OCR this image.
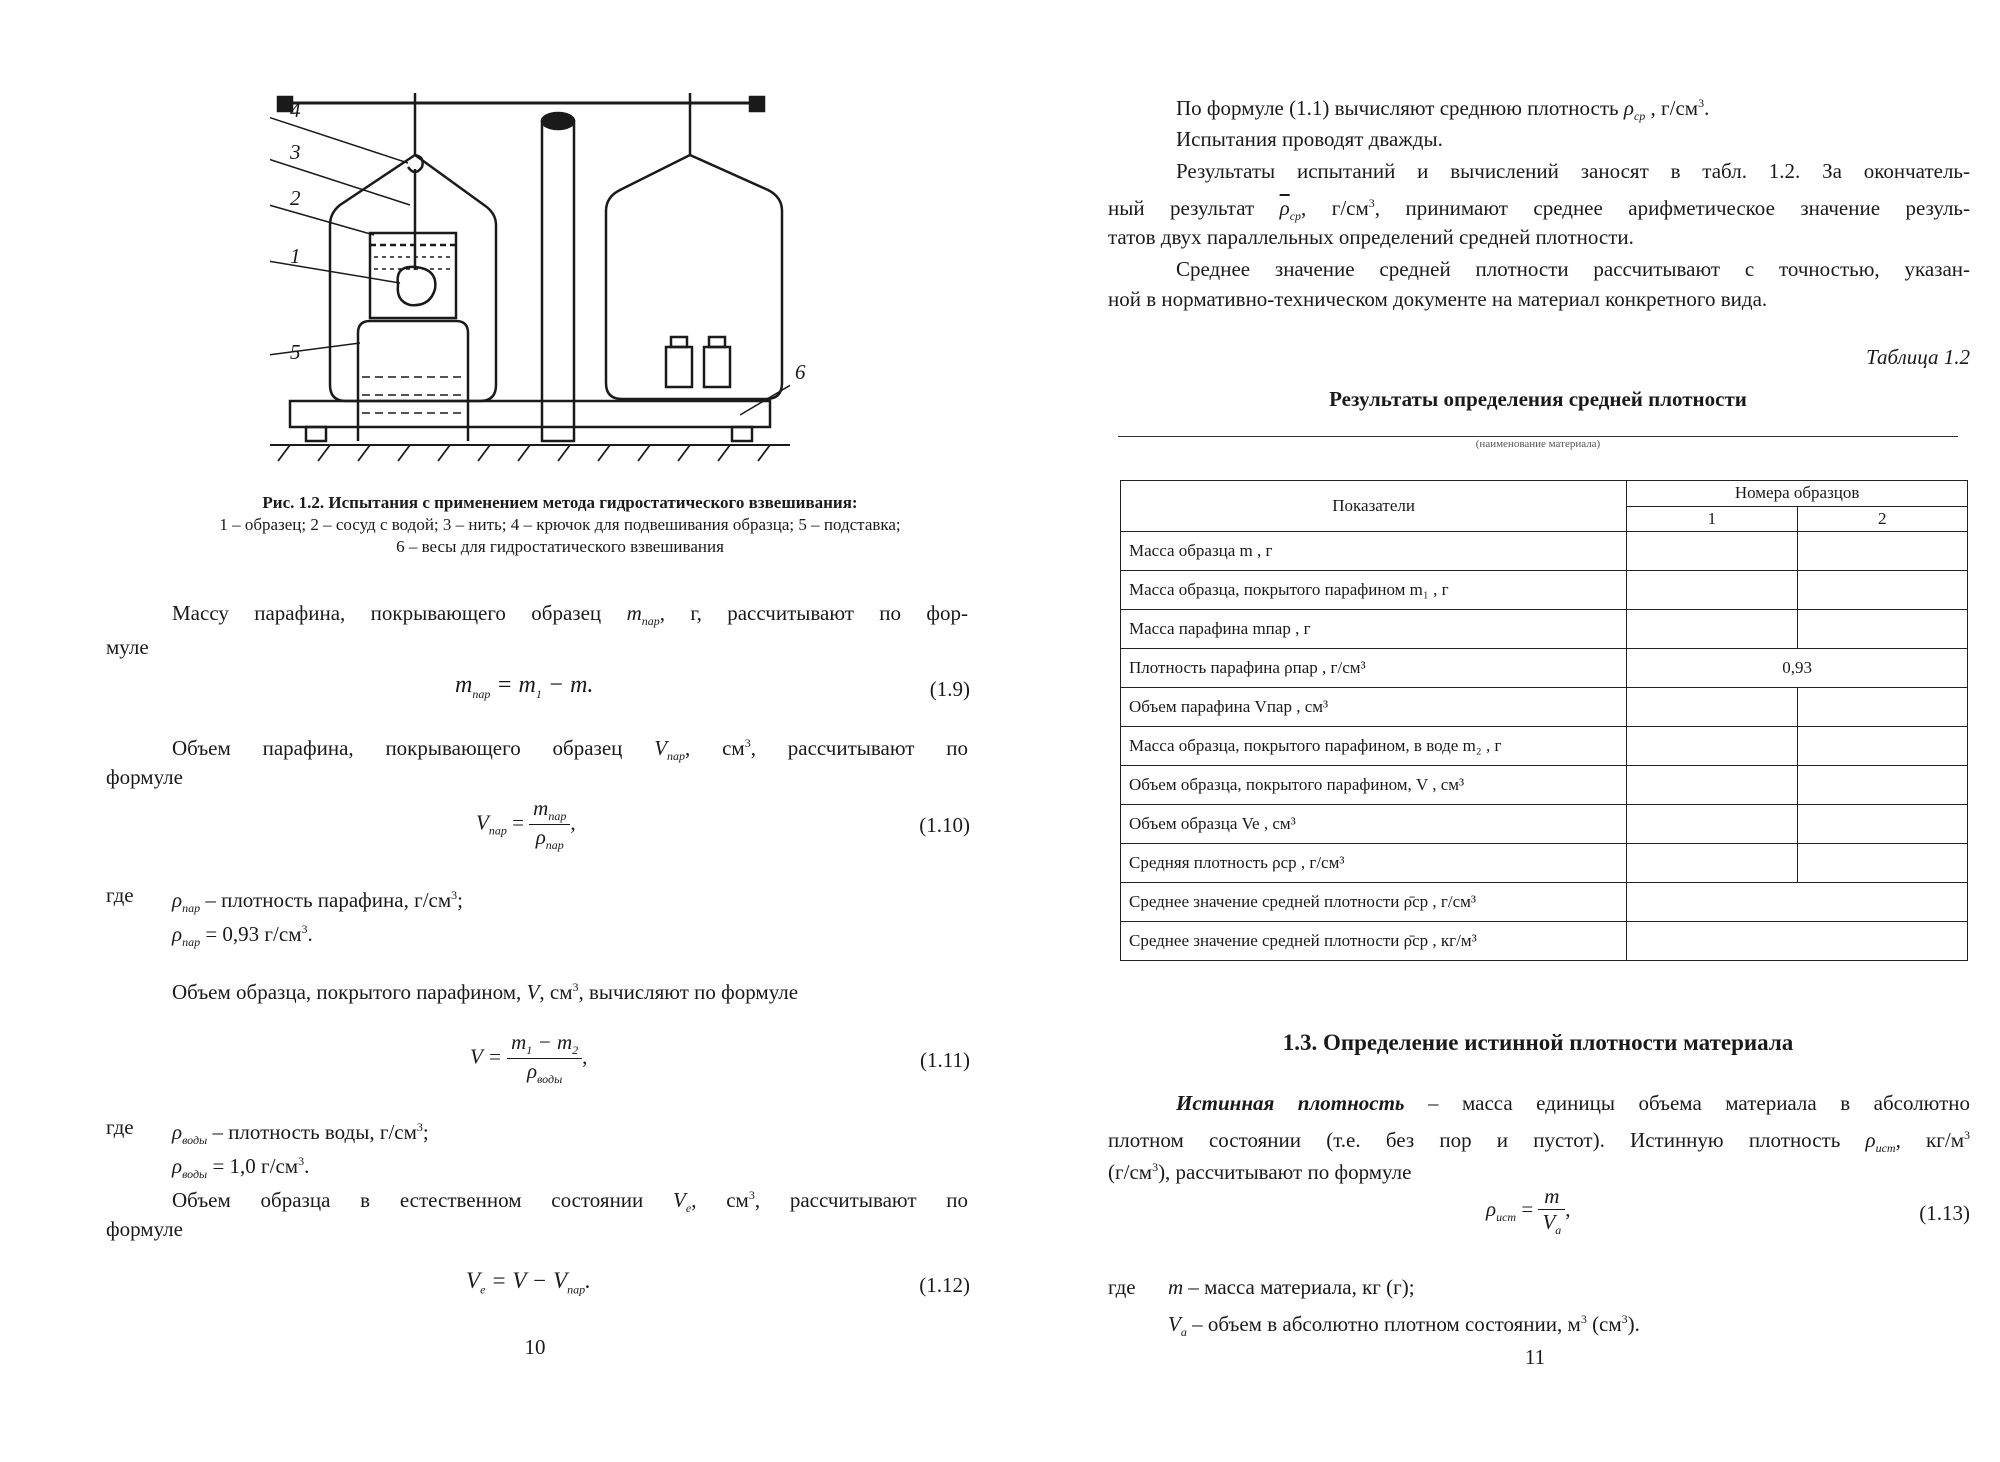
4
3
2
1
5
6
Рис. 1.2. Испытания с применением метода гидростатического взвешивания:
1 – образец; 2 – сосуд с водой; 3 – нить; 4 – крючок для подвешивания образца; 5 – подставка;
6 – весы для гидростатического взвешивания

Массу парафина, покрывающего образец $m_{пар}$, г, рассчитывают по фор-

муле

$m_{пар} = m_1 - m$.	(1.9)

Объем парафина, покрывающего образец $V_{пар}$, $см^3$, рассчитывают по

формуле

$V_{пар} = \frac{m_{пар}}{\rho_{пар}}$ ,	(1.10)
где $\rho_{пар}$ – плотность парафина, $г/см^3$;
$\rho_{пар} = 0,93$ $г/см^3$.

Объем образца, покрытого парафином, V, $см^3$, вычисляют по формуле

$V = \frac{m_1 - m_2}{\rho_{воды}}$ ,	(1.11)
где $\rho_{воды}$ – плотность воды, $г/см^3$;
$\rho_{воды} = 1,0$ $г/см^3$.

Объем образца в естественном состоянии $V_e$, $см^3$, рассчитывают по

формуле

$V_e = V - V_{пар}$.	(1.12)
10

По формуле (1.1) вычисляют среднюю плотность $\rho_{ср}$ , $г/см^3$.

Испытания проводят дважды.

Результаты испытаний и вычислений заносят в табл. 1.2. За окончатель-

ный результат $\overline{\rho}_{ср}$, $г/см^3$, принимают среднее арифметическое значение резуль-

татов двух параллельных определений средней плотности.

Среднее значение средней плотности рассчитывают с точностью, указан-

ной в нормативно-техническом документе на материал конкретного вида.

Таблица 1.2
Результаты определения средней плотности
(наименование материала)
Показатели	Номера образцов	
	1	2
Масса образца m , г		
Масса образца, покрытого парафином m₁ , г		
Масса парафина mпар , г		
Плотность парафина ρпар , г/см³	0,93	
Объем парафина Vпар , см³		
Масса образца, покрытого парафином, в воде m₂ , г		
Объем образца, покрытого парафином, V , см³		
Объем образца Ve , см³		
Средняя плотность ρср , г/см³		
Среднее значение средней плотности ρ̄ср , г/см³		
Среднее значение средней плотности ρ̄ср , кг/м³		
1.3. Определение истинной плотности материала

Истинная плотность – масса единицы объема материала в абсолютно

плотном состоянии (т.е. без пор и пустот). Истинную плотность $\rho_{ист}$, $кг/м^3$

$(г/см^3)$, рассчитывают по формуле

$\rho_{ист} = \frac{m}{V_a}$ ,	(1.13)
где m – масса материала, кг (г);
$V_a$ – объем в абсолютно плотном состоянии, $м^3$ $(см^3)$.
11
